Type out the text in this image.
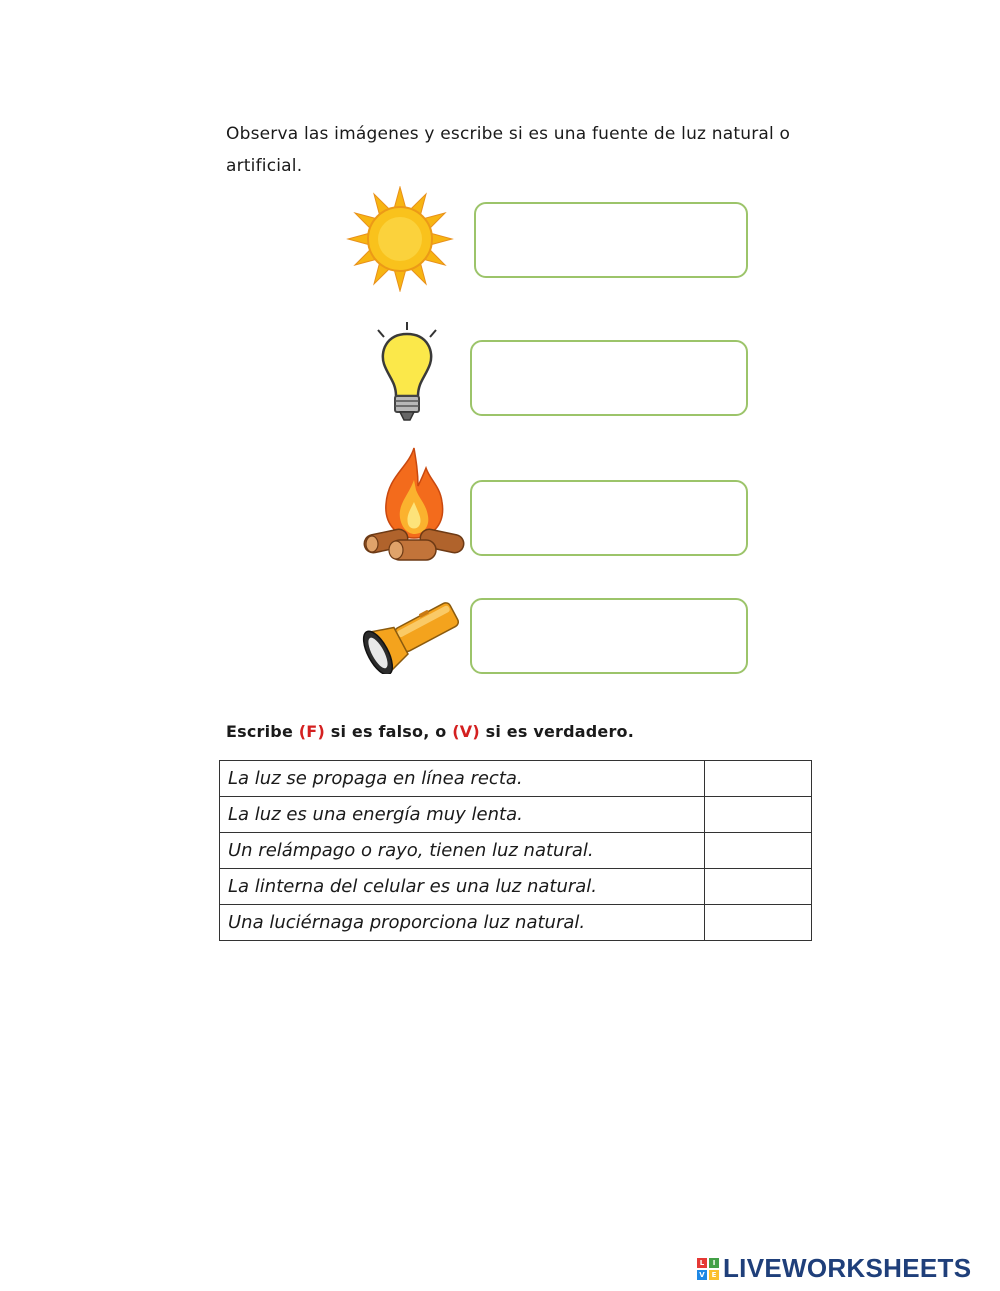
Observa las imágenes y escribe si es una fuente de luz natural o artificial.
Escribe (F) si es falso, o (V) si es verdadero.
La luz se propaga en línea recta.	
La luz es una energía muy lenta.	
Un relámpago o rayo, tienen luz natural.	
La linterna del celular es una luz natural.	
Una luciérnaga proporciona luz natural.	
L	I
V E LIVEWORKSHEETS
